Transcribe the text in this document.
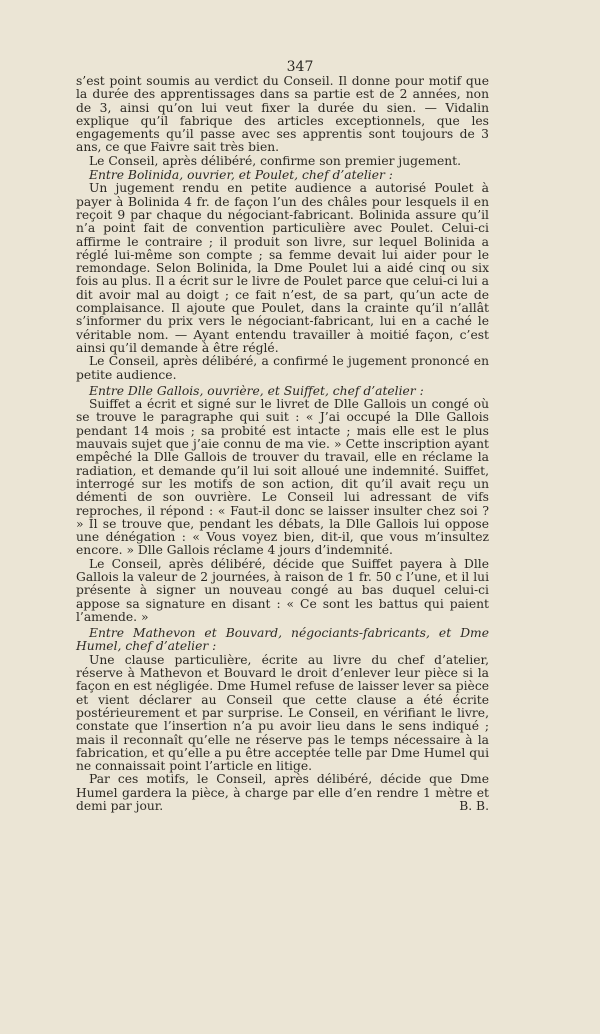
347

s’est point soumis au verdict du Conseil. Il donne pour motif que la durée des apprentissages dans sa partie est de 2 années, non de 3, ainsi qu’on lui veut fixer la durée du sien. — Vidalin explique qu’il fabrique des articles exceptionnels, que les engagements qu’il passe avec ses apprentis sont toujours de 3 ans, ce que Faivre sait très bien.

Le Conseil, après délibéré, confirme son premier jugement.

Entre Bolinida, ouvrier, et Poulet, chef d’atelier :

Un jugement rendu en petite audience a autorisé Poulet à payer à Bolinida 4 fr. de façon l’un des châles pour lesquels il en reçoit 9 par chaque du négociant-fabricant. Bolinida assure qu’il n’a point fait de convention particulière avec Poulet. Celui-ci affirme le contraire ; il produit son livre, sur lequel Bolinida a réglé lui-même son compte ; sa femme devait lui aider pour le remondage. Selon Bolinida, la Dme Poulet lui a aidé cinq ou six fois au plus. Il a écrit sur le livre de Poulet parce que celui-ci lui a dit avoir mal au doigt ; ce fait n’est, de sa part, qu’un acte de complaisance. Il ajoute que Poulet, dans la crainte qu’il n’allât s’informer du prix vers le négociant-fabricant, lui en a caché le véritable nom. — Ayant entendu travailler à moitié façon, c’est ainsi qu’il demande à être réglé.

Le Conseil, après délibéré, a confirmé le jugement prononcé en petite audience.

Entre Dlle Gallois, ouvrière, et Suiffet, chef d’atelier :

Suiffet a écrit et signé sur le livret de Dlle Gallois un congé où se trouve le paragraphe qui suit : « J’ai occupé la Dlle Gallois pendant 14 mois ; sa probité est intacte ; mais elle est le plus mauvais sujet que j’aie connu de ma vie. » Cette inscription ayant empêché la Dlle Gallois de trouver du travail, elle en réclame la radiation, et demande qu’il lui soit alloué une indemnité. Suiffet, interrogé sur les motifs de son action, dit qu’il avait reçu un démenti de son ouvrière. Le Conseil lui adressant de vifs reproches, il répond : « Faut-il donc se laisser insulter chez soi ? » Il se trouve que, pendant les débats, la Dlle Gallois lui oppose une dénégation : « Vous voyez bien, dit-il, que vous m’insultez encore. » Dlle Gallois réclame 4 jours d’indemnité.

Le Conseil, après délibéré, décide que Suiffet payera à Dlle Gallois la valeur de 2 journées, à raison de 1 fr. 50 c l’une, et il lui présente à signer un nouveau congé au bas duquel celui-ci appose sa signature en disant : « Ce sont les battus qui paient l’amende. »

Entre Mathevon et Bouvard, négociants-fabricants, et Dme Humel, chef d’atelier :

Une clause particulière, écrite au livre du chef d’atelier, réserve à Mathevon et Bouvard le droit d’enlever leur pièce si la façon en est négligée. Dme Humel refuse de laisser lever sa pièce et vient déclarer au Conseil que cette clause a été écrite postérieurement et par surprise. Le Conseil, en vérifiant le livre, constate que l’insertion n’a pu avoir lieu dans le sens indiqué ; mais il reconnaît qu’elle ne réserve pas le temps nécessaire à la fabrication, et qu’elle a pu être acceptée telle par Dme Humel qui ne connaissait point l’article en litige.

Par ces motifs, le Conseil, après délibéré, décide que Dme Humel gardera la pièce, à charge par elle d’en rendre 1 mètre et demi par jour.	B. B.
